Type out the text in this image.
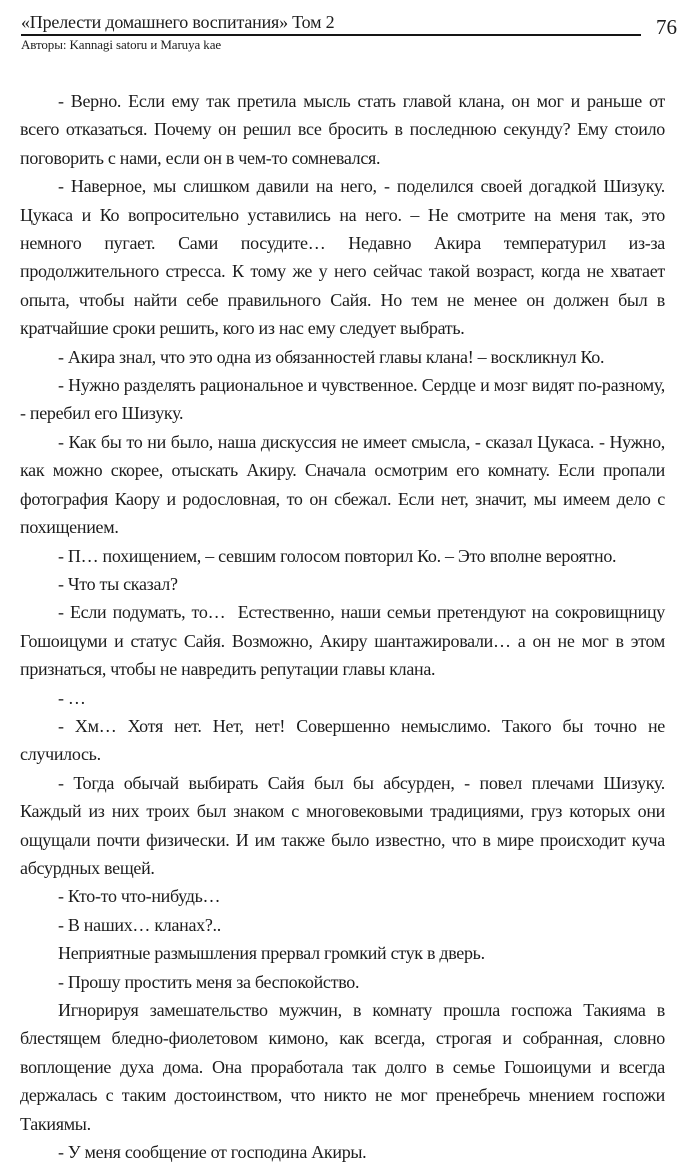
«Прелести домашнего воспитания» Том 2	76
Авторы: Kannagi satoru и Maruya kae

- Верно. Если ему так претила мысль стать главой клана, он мог и раньше от всего отказаться. Почему он решил все бросить в последнюю секунду? Ему стоило поговорить с нами, если он в чем-то сомневался.

- Наверное, мы слишком давили на него, - поделился своей догадкой Шизуку. Цукаса и Ко вопросительно уставились на него. – Не смотрите на меня так, это немного пугает. Сами посудите… Недавно Акира температурил из-за продолжительного стресса. К тому же у него сейчас такой возраст, когда не хватает опыта, чтобы найти себе правильного Сайя. Но тем не менее он должен был в кратчайшие сроки решить, кого из нас ему следует выбрать.

- Акира знал, что это одна из обязанностей главы клана! – воскликнул Ко.

- Нужно разделять рациональное и чувственное. Сердце и мозг видят по-разному, - перебил его Шизуку.

- Как бы то ни было, наша дискуссия не имеет смысла, - сказал Цукаса. - Нужно, как можно скорее, отыскать Акиру. Сначала осмотрим его комнату. Если пропали фотография Каору и родословная, то он сбежал. Если нет, значит, мы имеем дело с похищением.

- П… похищением, – севшим голосом повторил Ко. – Это вполне вероятно.

- Что ты сказал?

- Если подумать, то…  Естественно, наши семьи претендуют на сокровищницу Гошоицуми и статус Сайя. Возможно, Акиру шантажировали… а он не мог в этом признаться, чтобы не навредить репутации главы клана.

- …

- Хм… Хотя нет. Нет, нет! Совершенно немыслимо. Такого бы точно не случилось.

- Тогда обычай выбирать Сайя был бы абсурден, - повел плечами Шизуку. Каждый из них троих был знаком с многовековыми традициями, груз которых они ощущали почти физически. И им также было известно, что в мире происходит куча абсурдных вещей.

- Кто-то что-нибудь…

- В наших… кланах?..

Неприятные размышления прервал громкий стук в дверь.

- Прошу простить меня за беспокойство.

Игнорируя замешательство мужчин, в комнату прошла госпожа Такияма в блестящем бледно-фиолетовом кимоно, как всегда, строгая и собранная, словно воплощение духа дома. Она проработала так долго в семье Гошоицуми и всегда держалась с таким достоинством, что никто не мог пренебречь мнением госпожи Такиямы.

- У меня сообщение от господина Акиры.
